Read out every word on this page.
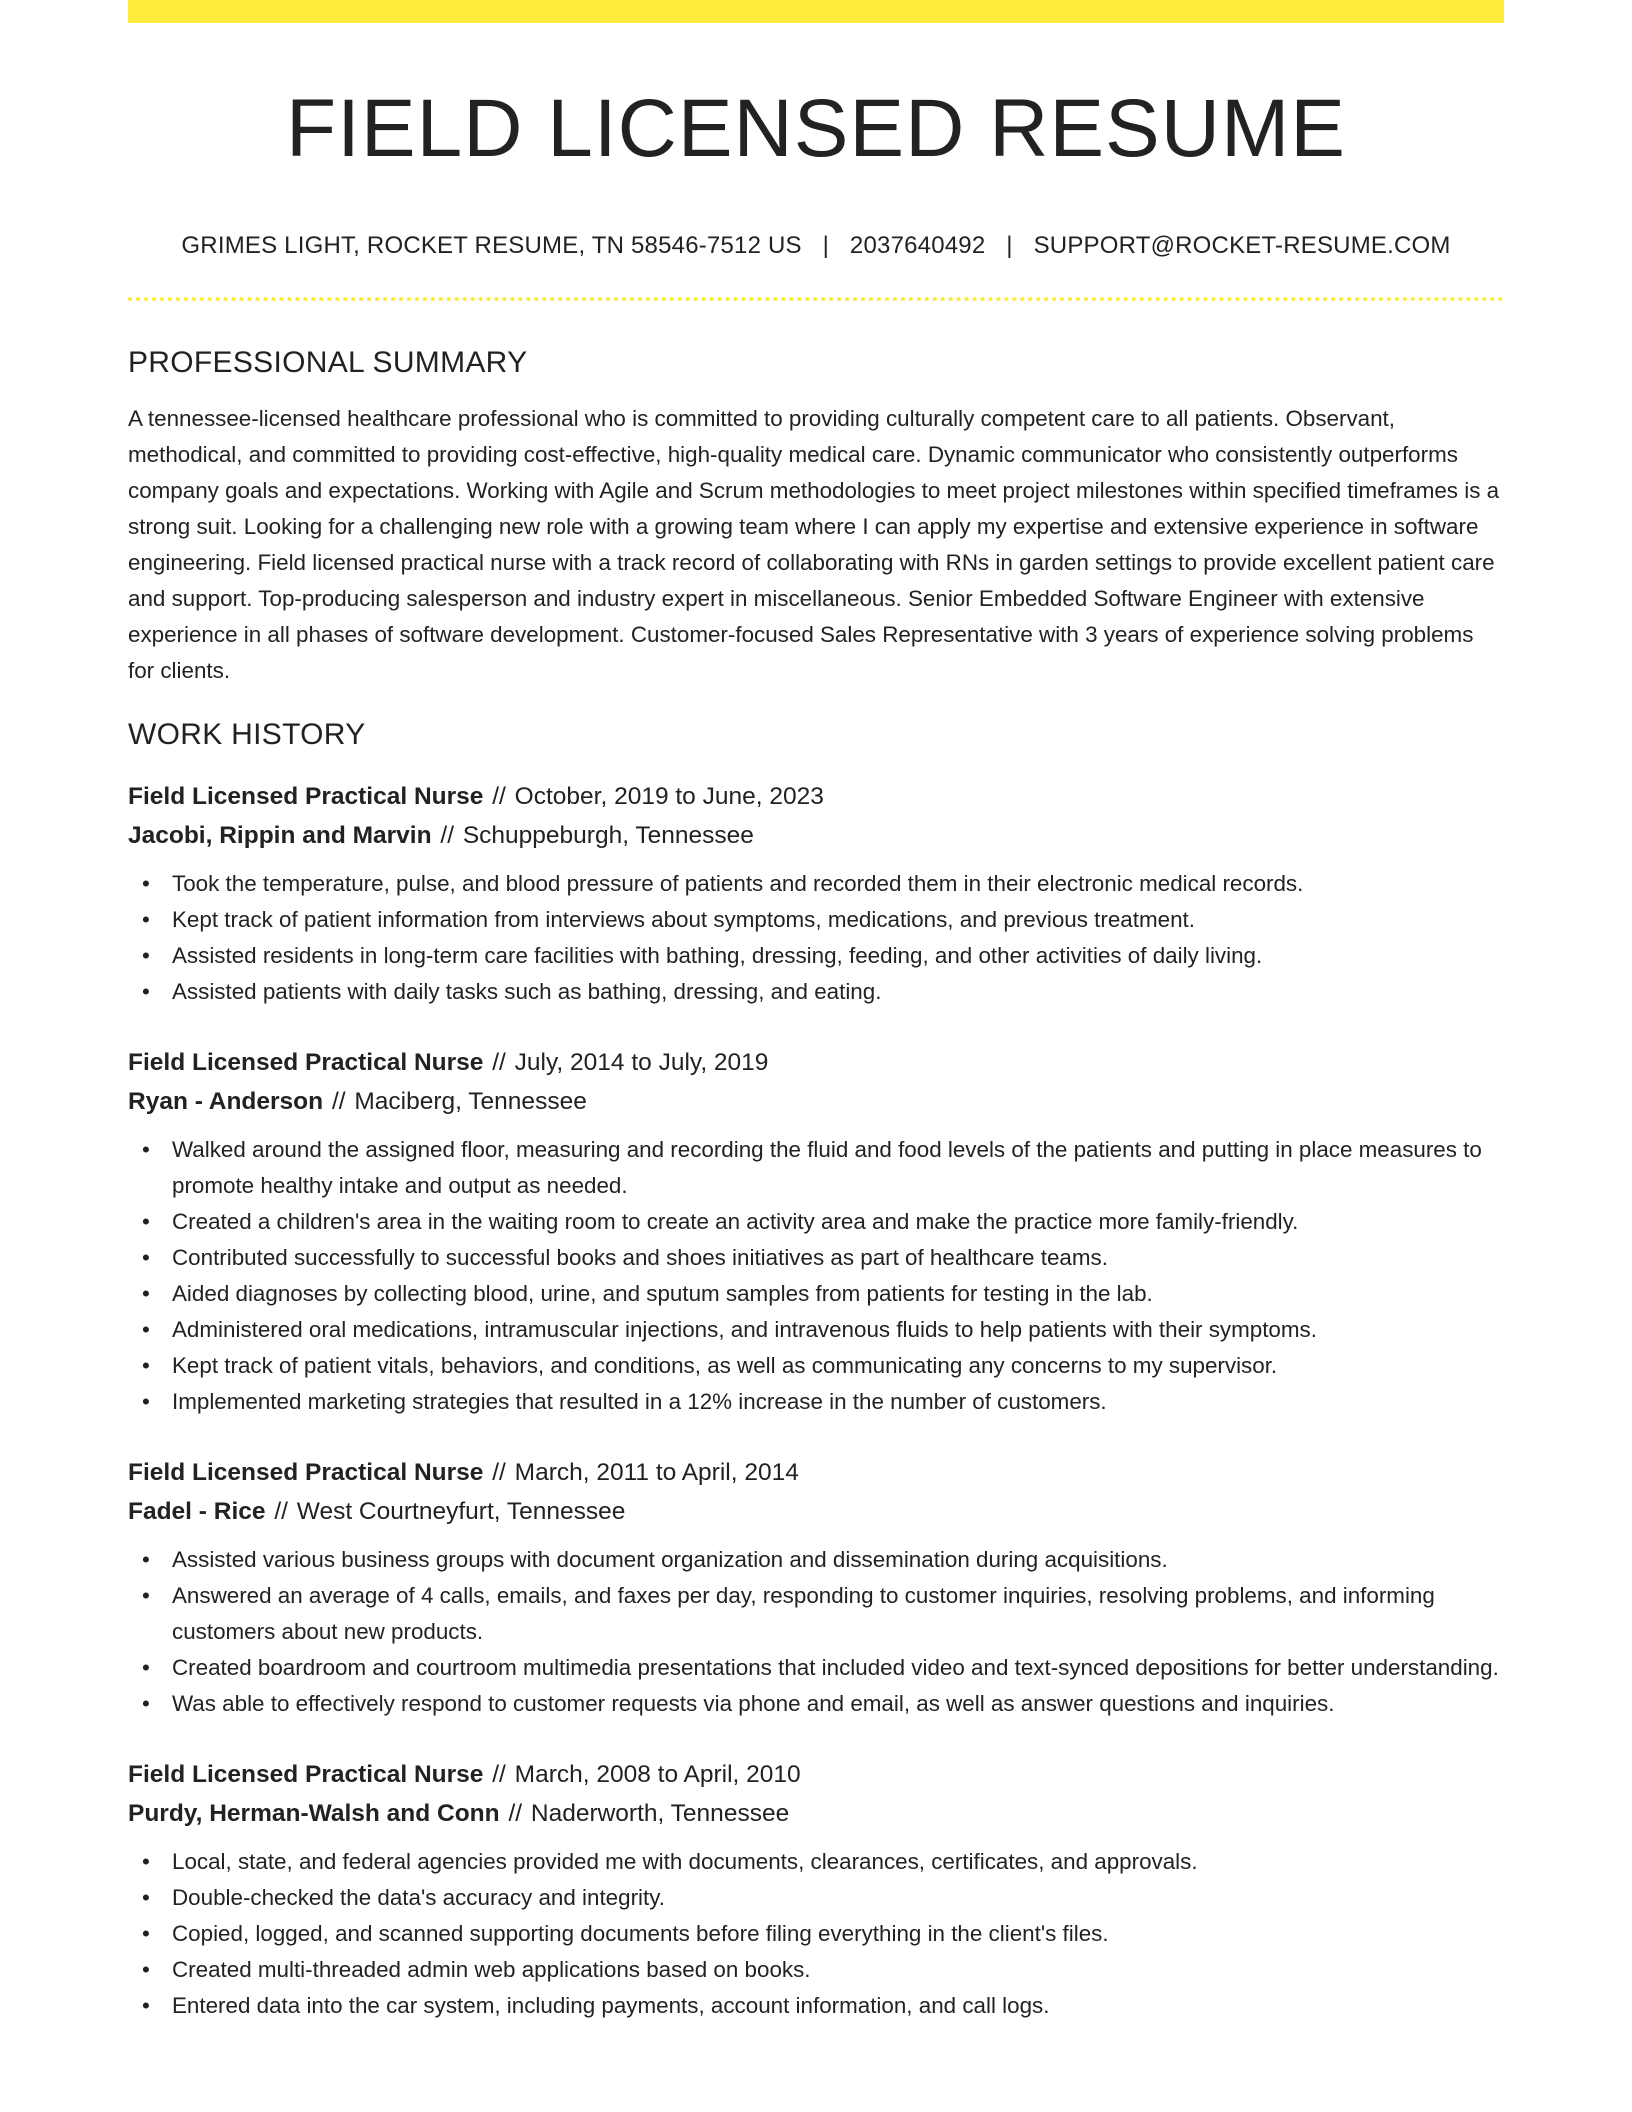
FIELD LICENSED RESUME
GRIMES LIGHT, ROCKET RESUME, TN 58546-7512 US | 2037640492 | SUPPORT@ROCKET-RESUME.COM
PROFESSIONAL SUMMARY

A tennessee-licensed healthcare professional who is committed to providing culturally competent care to all patients. Observant, methodical, and committed to providing cost-effective, high-quality medical care. Dynamic communicator who consistently outperforms company goals and expectations. Working with Agile and Scrum methodologies to meet project milestones within specified timeframes is a strong suit. Looking for a challenging new role with a growing team where I can apply my expertise and extensive experience in software engineering. Field licensed practical nurse with a track record of collaborating with RNs in garden settings to provide excellent patient care and support. Top-producing salesperson and industry expert in miscellaneous. Senior Embedded Software Engineer with extensive experience in all phases of software development. Customer-focused Sales Representative with 3 years of experience solving problems for clients.

WORK HISTORY
Field Licensed Practical Nurse // October, 2019 to June, 2023
Jacobi, Rippin and Marvin // Schuppeburgh, Tennessee
• Took the temperature, pulse, and blood pressure of patients and recorded them in their electronic medical records.
• Kept track of patient information from interviews about symptoms, medications, and previous treatment.
• Assisted residents in long-term care facilities with bathing, dressing, feeding, and other activities of daily living.
• Assisted patients with daily tasks such as bathing, dressing, and eating.
Field Licensed Practical Nurse // July, 2014 to July, 2019
Ryan - Anderson // Maciberg, Tennessee
• Walked around the assigned floor, measuring and recording the fluid and food levels of the patients and putting in place measures to promote healthy intake and output as needed.
• Created a children's area in the waiting room to create an activity area and make the practice more family-friendly.
• Contributed successfully to successful books and shoes initiatives as part of healthcare teams.
• Aided diagnoses by collecting blood, urine, and sputum samples from patients for testing in the lab.
• Administered oral medications, intramuscular injections, and intravenous fluids to help patients with their symptoms.
• Kept track of patient vitals, behaviors, and conditions, as well as communicating any concerns to my supervisor.
• Implemented marketing strategies that resulted in a 12% increase in the number of customers.
Field Licensed Practical Nurse // March, 2011 to April, 2014
Fadel - Rice // West Courtneyfurt, Tennessee
• Assisted various business groups with document organization and dissemination during acquisitions.
• Answered an average of 4 calls, emails, and faxes per day, responding to customer inquiries, resolving problems, and informing customers about new products.
• Created boardroom and courtroom multimedia presentations that included video and text-synced depositions for better understanding.
• Was able to effectively respond to customer requests via phone and email, as well as answer questions and inquiries.
Field Licensed Practical Nurse // March, 2008 to April, 2010
Purdy, Herman-Walsh and Conn // Naderworth, Tennessee
• Local, state, and federal agencies provided me with documents, clearances, certificates, and approvals.
• Double-checked the data's accuracy and integrity.
• Copied, logged, and scanned supporting documents before filing everything in the client's files.
• Created multi-threaded admin web applications based on books.
• Entered data into the car system, including payments, account information, and call logs.
